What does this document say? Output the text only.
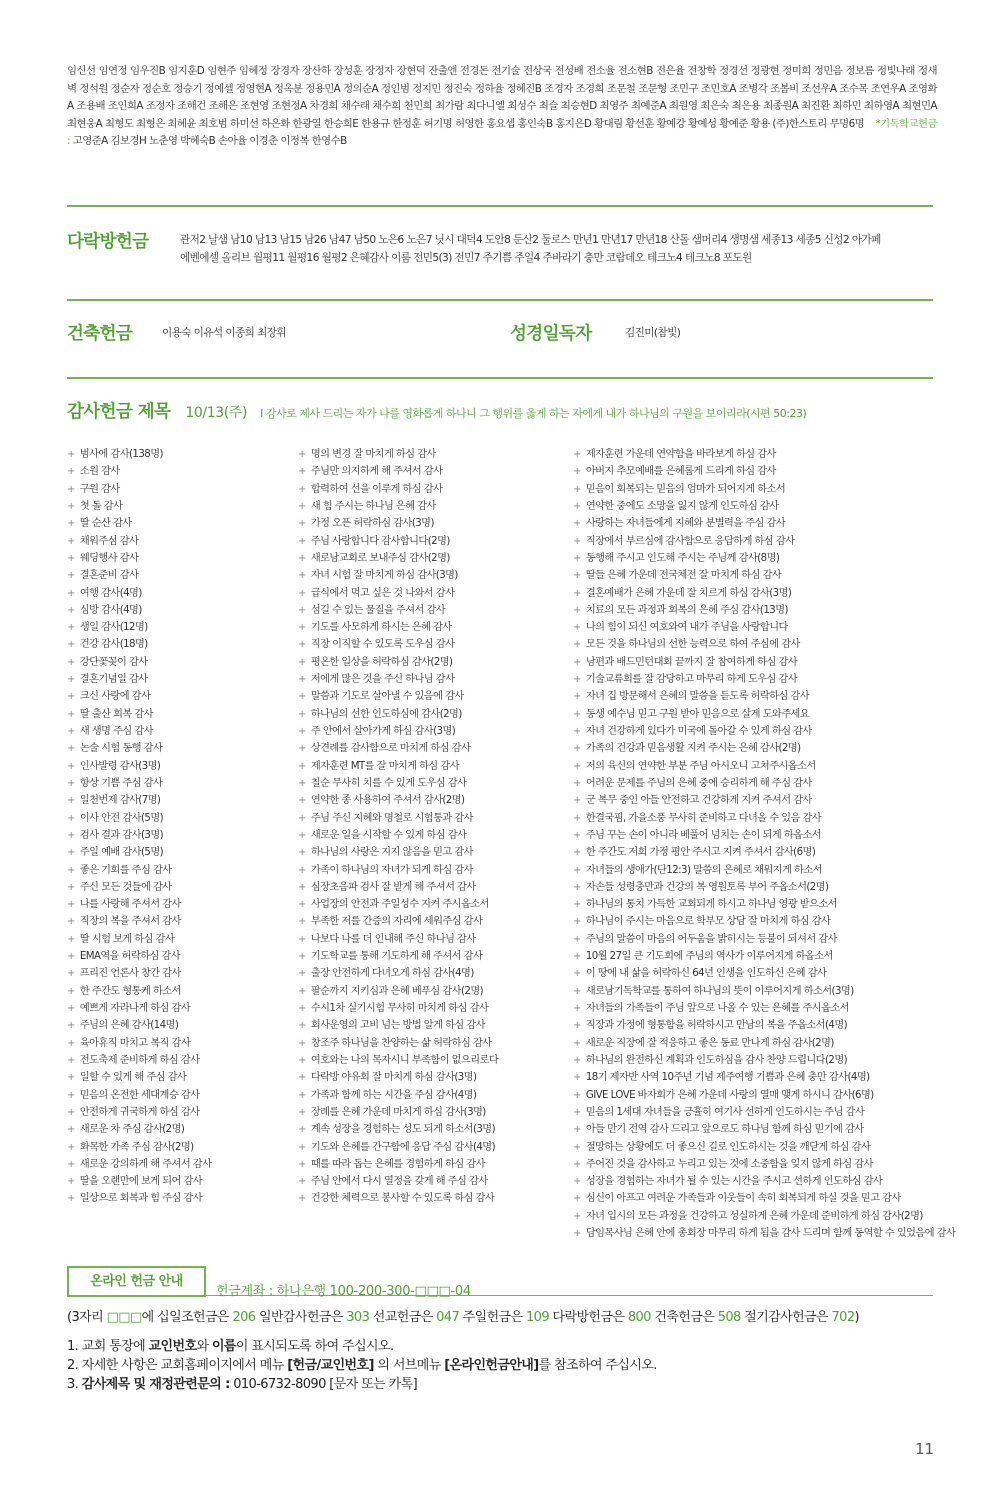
임신선 임연정 임우진B 임지훈D 임현주 임혜정 장경자 장산하 장성훈 장정자 장현덕 잔출엔 전경돈 전기술 전상국 전성배 전소율 전소현B 전은율 전창학 정경선 정광현 정미희 정민음 정보름 정빛나래 정새벽 정석원 정순자 정순호 정승기 정예셀 정영현A 정옥분 정용민A 정의순A 정인범 정지민 정진숙 정하율 정혜진B 조경자 조경희 조문철 조문형 조민구 조민호A 조병각 조봄비 조선우A 조수목 조연우A 조영화A 조용배 조인희A 조정자 조해건 조해은 조현영 조현정A 차경희 채수래 채수희 천민희 최가람 최다니엘 최성수 최슬 최승현D 최영주 최예준A 최원영 최은숙 최은용 최종원A 최진환 최하민 최하영A 최현민A 최현웅A 최형도 최형은 최혜윤 최호범 하미선 하은화 한광열 한승희E 한용규 한정훈 허기명 허영한 홍요셉 홍인숙B 홍지은D 황대림 황선훈 황예강 황예성 황예준 황용 (주)한스토리 무명6명 *기독학교헌금 : 고영준A 김보경H 노춘영 박혜숙B 손아율 이경춘 이정복 한영수B
다락방헌금	관저2 날샘 남10 남13 남15 남26 남47 남50 노은6 노은7 닛시 대덕4 도안8 둔산2 둘로스 만년1 만년17 만년18 산돌 샘머리4 생명샘 세종13 세종5 신성2 아가페
에벤에셀 올리브 월평11 월평16 월평2 은혜감사 이룸 전민5(3) 전민7 주기쁨 주일4 주바라기 충만 코람데오 테크노4 테크노8 포도원
건축헌금	이용숙 이유석 이종희 최장휘	성경일독자	김진미(참빛)
감사헌금 제목 10/13(주) I 감사로 제사 드리는 자가 나를 영화롭게 하나니 그 행위를 옳게 하는 자에게 내가 하나님의 구원을 보이리라(시편 50:23)
+ 범사에 감사(138명)
+ 소원 감사
+ 구원 감사
+ 첫 돌 감사
+ 딸 순산 감사
+ 채워주심 감사
+ 웨딩행사 감사
+ 결혼준비 감사
+ 여행 감사(4명)
+ 심방 감사(4명)
+ 생일 감사(12명)
+ 건강 감사(18명)
+ 강단꽃꽂이 감사
+ 결혼기념일 감사
+ 크신 사랑에 감사
+ 딸 출산 회복 감사
+ 새 생명 주심 감사
+ 논술 시험 동행 감사
+ 인사발령 감사(3명)
+ 항상 기쁨 주심 감사
+ 일천번제 감사(7명)
+ 이사 안전 감사(5명)
+ 검사 결과 감사(3명)
+ 주일 예배 감사(5명)
+ 좋은 기회를 주심 감사
+ 주신 모든 것들에 감사
+ 나를 사랑해 주셔서 감사
+ 직장의 복을 주셔서 감사
+ 딸 시험 보게 하심 감사
+ EMA역을 허락하심 감사
+ 프리진 언론사 창간 감사
+ 한 주간도 형통케 하소서
+ 예쁘게 자라나게 하심 감사
+ 주님의 은혜 감사(14명)
+ 육아휴직 마치고 복직 감사
+ 전도축제 준비하게 하심 감사
+ 일할 수 있게 해 주심 감사
+ 믿음의 온전한 세대계승 감사
+ 안전하게 귀국하게 하심 감사
+ 새로운 차 주심 감사(2명)
+ 화목한 가족 주심 감사(2명)
+ 새로운 강의하게 해 주셔서 감사
+ 딸을 오랜만에 보게 되어 감사
+ 일상으로 회복과 힘 주심 감사
+ 명의 변경 잘 마치게 하심 감사
+ 주님만 의지하게 해 주셔서 감사
+ 합력하여 선을 이루게 하심 감사
+ 새 힘 주시는 하나님 은혜 감사
+ 가정 오픈 허락하심 감사(3명)
+ 주님 사랑합니다 감사합니다(2명)
+ 새로남교회로 보내주심 감사(2명)
+ 자녀 시험 잘 마치게 하심 감사(3명)
+ 급식에서 먹고 싶은 것 나와서 감사
+ 섬길 수 있는 물질을 주셔서 감사
+ 기도를 사모하게 하시는 은혜 감사
+ 직장 이직할 수 있도록 도우심 감사
+ 평온한 일상을 허락하심 감사(2명)
+ 저에게 많은 것을 주신 하나님 감사
+ 말씀과 기도로 살아낼 수 있음에 감사
+ 하나님의 선한 인도하심에 감사(2명)
+ 주 안에서 살아가게 하심 감사(3명)
+ 상견례를 감사함으로 마치게 하심 감사
+ 제자훈련 MT를 잘 마치게 하심 감사
+ 칠순 무사히 치를 수 있게 도우심 감사
+ 연약한 종 사용하여 주셔서 감사(2명)
+ 주님 주신 지혜와 명철로 시험통과 감사
+ 새로운 일을 시작할 수 있게 하심 감사
+ 하나님의 사랑은 지지 않음을 믿고 감사
+ 가족이 하나님의 자녀가 되게 하심 감사
+ 심장초음파 검사 잘 받게 해 주셔서 감사
+ 사업장의 안전과 주일성수 지켜 주시옵소서
+ 부족한 저를 간증의 자리에 세워주심 감사
+ 나보다 나를 더 인내해 주신 하나님 감사
+ 기도학교를 통해 기도하게 해 주셔서 감사
+ 출장 안전하게 다녀오게 하심 감사(4명)
+ 팔순까지 지키심과 은혜 베푸심 감사(2명)
+ 수시1차 실기시험 무사히 마치게 하심 감사
+ 회사운영의 고비 넘는 방법 알게 하심 감사
+ 창조주 하나님을 찬양하는 삶 허락하심 감사
+ 여호와는 나의 목자시니 부족함이 없으리로다
+ 다락방 야유회 잘 마치게 하심 감사(3명)
+ 가족과 함께 하는 시간을 주심 감사(4명)
+ 장례를 은혜 가운데 마치게 하심 감사(3명)
+ 계속 성장을 경험하는 성도 되게 하소서(3명)
+ 기도와 은혜를 간구함에 응답 주심 감사(4명)
+ 때를 따라 돕는 은혜를 경험하게 하심 감사
+ 주님 안에서 다시 열정을 갖게 해 주심 감사
+ 건강한 체력으로 봉사할 수 있도록 하심 감사
+ 제자훈련 가운데 연약함을 바라보게 하심 감사
+ 아버지 추모예배를 은혜롭게 드리게 하심 감사
+ 믿음이 회복되는 믿음의 엄마가 되어지게 하소서
+ 연약한 중에도 소망을 잃지 않게 인도하심 감사
+ 사랑하는 자녀들에게 지혜와 분별력을 주심 감사
+ 직장에서 부르심에 감사함으로 응답하게 하심 감사
+ 동행해 주시고 인도해 주시는 주님께 감사(8명)
+ 딸들 은혜 가운데 전국체전 잘 마치게 하심 감사
+ 결혼예배가 은혜 가운데 잘 치르게 하심 감사(3명)
+ 치료의 모든 과정과 회복의 은혜 주심 감사(13명)
+ 나의 힘이 되신 여호와여 내가 주님을 사랑합니다
+ 모든 것을 하나님의 선한 능력으로 하여 주심에 감사
+ 남편과 배드민턴대회 끝까지 잘 참여하게 하심 감사
+ 기술교류회를 잘 감당하고 마무리 하게 도우심 감사
+ 자녀 집 방문해서 은혜의 말씀을 듣도록 허락하심 감사
+ 동생 예수님 믿고 구원 받아 믿음으로 살게 도와주세요
+ 자녀 건강하게 있다가 미국에 돌아갈 수 있게 하심 감사
+ 가족의 건강과 믿음생활 지켜 주시는 은혜 감사(2명)
+ 저의 육신의 연약한 부분 주님 아시오니 고쳐주시옵소서
+ 어려운 문제를 주님의 은혜 중에 승리하게 해 주심 감사
+ 군 복무 중인 아들 안전하고 건강하게 지켜 주셔서 감사
+ 한결국핌, 가을소풍 무사히 준비하고 다녀올 수 있음 감사
+ 주님 꾸는 손이 아니라 베풀어 넘치는 손이 되게 하옵소서
+ 한 주간도 저희 가정 평안 주시고 지켜 주셔서 감사(6명)
+ 자녀들의 생애가(단12:3) 말씀의 은혜로 채워지게 하소서
+ 자손들 성령충만과 건강의 복 영원토록 부어 주옵소서(2명)
+ 하나님의 통치 가득한 교회되게 하시고 하나님 영광 받으소서
+ 하나님이 주시는 마음으로 학부모 상담 잘 마치게 하심 감사
+ 주님의 말씀이 마음의 어두움을 밝히시는 등불이 되셔서 감사
+ 10월 27일 큰 기도회에 주님의 역사가 이루어지게 하옵소서
+ 이 땅에 내 삶을 허락하신 64년 인생을 인도하신 은혜 감사
+ 새로남기독학교를 통하여 하나님의 뜻이 이루어지게 하소서(3명)
+ 자녀들의 가족들이 주님 앞으로 나올 수 있는 은혜를 주시옵소서
+ 직장과 가정에 형통함을 허락하시고 만남의 복을 주옵소서(4명)
+ 새로운 직장에 잘 적응하고 좋은 동료 만나게 하심 감사(2명)
+ 하나님의 완전하신 계획과 인도하심을 감사 찬양 드립니다(2명)
+ 18기 제자반 사역 10주년 기념 제주여행 기쁨과 은혜 충만 감사(4명)
+ GIVE LOVE 바자회가 은혜 가운데 사랑의 열매 맺게 하시니 감사(6명)
+ 믿음의 1세대 자녀들을 긍휼히 여기사 선하게 인도하시는 주님 감사
+ 아들 만기 전역 감사 드리고 앞으로도 하나님 함께 하심 믿기에 감사
+ 절망하는 상황에도 더 좋으신 길로 인도하시는 것을 깨닫게 하심 감사
+ 주어진 것을 감사하고 누리고 있는 것에 소중함을 잊지 않게 하심 감사
+ 성장을 경험하는 자녀가 될 수 있는 시간을 주시고 선하게 인도하심 감사
+ 심신이 아프고 여려운 가족들과 이웃들이 속히 회복되게 하실 것을 믿고 감사
+ 자녀 입시의 모든 과정을 건강하고 성실하게 은혜 가운데 준비하게 하심 감사(2명)
+ 담임목사님 은혜 안에 총회장 마무리 하게 됨을 감사 드리며 함께 동역할 수 있었음에 감사
온라인 헌금 안내
헌금계좌 : 하나은행 100-200-300-□□□-04
(3자리 □□□에 십일조헌금은 206 일반감사헌금은 303 선교헌금은 047 주일헌금은 109 다락방헌금은 800 건축헌금은 508 절기감사헌금은 702)
1. 교회 통장에 교인번호와 이름이 표시되도록 하여 주십시오.
2. 자세한 사항은 교회홈페이지에서 메뉴 [헌금/교인번호] 의 서브메뉴 [온라인헌금안내]를 참조하여 주십시오.
3. 감사제목 및 재정관련문의 : 010-6732-8090 [문자 또는 카톡]
11
